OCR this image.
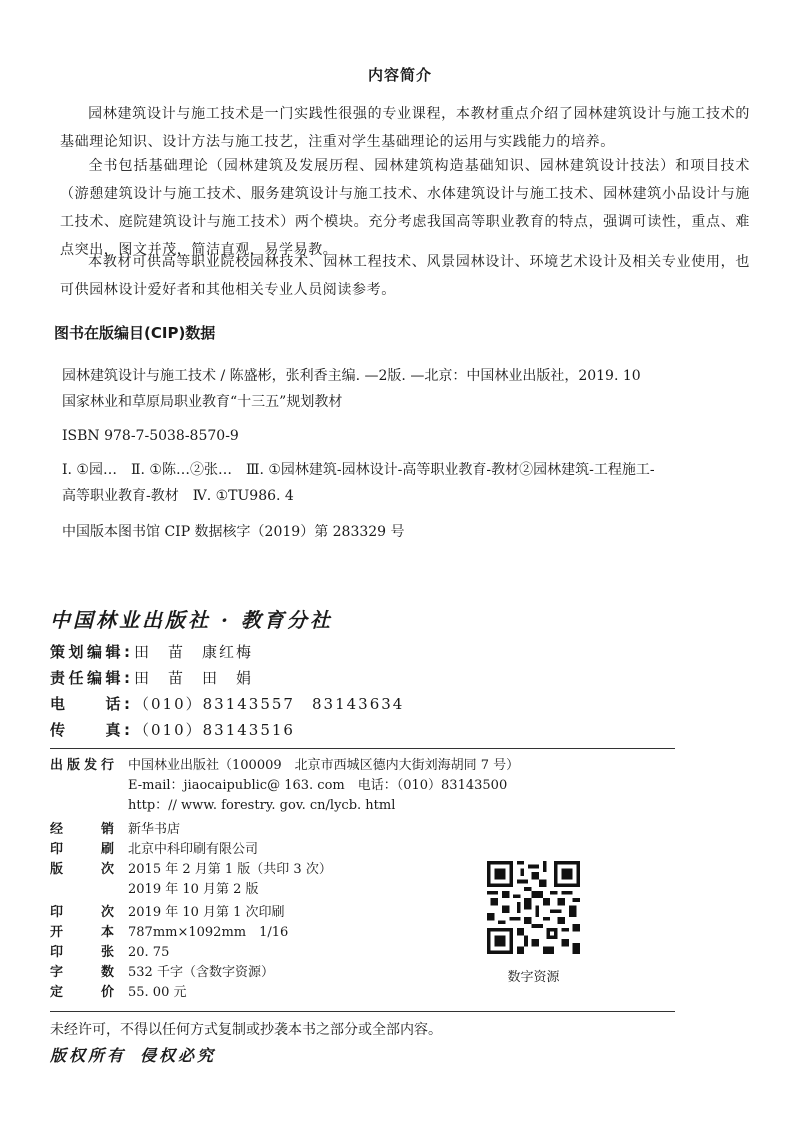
内容简介
园林建筑设计与施工技术是一门实践性很强的专业课程，本教材重点介绍了园林建筑设计与施工技术的基础理论知识、设计方法与施工技艺，注重对学生基础理论的运用与实践能力的培养。
全书包括基础理论（园林建筑及发展历程、园林建筑构造基础知识、园林建筑设计技法）和项目技术（游憩建筑设计与施工技术、服务建筑设计与施工技术、水体建筑设计与施工技术、园林建筑小品设计与施工技术、庭院建筑设计与施工技术）两个模块。充分考虑我国高等职业教育的特点，强调可读性，重点、难点突出，图文并茂，简洁直观，易学易教。
本教材可供高等职业院校园林技术、园林工程技术、风景园林设计、环境艺术设计及相关专业使用，也可供园林设计爱好者和其他相关专业人员阅读参考。
图书在版编目(CIP)数据
园林建筑设计与施工技术 / 陈盛彬，张利香主编. —2版. —北京：中国林业出版社，2019. 10
国家林业和草原局职业教育“十三五”规划教材
ISBN 978-7-5038-8570-9
Ⅰ. ①园…　Ⅱ. ①陈…②张…　Ⅲ. ①园林建筑-园林设计-高等职业教育-教材②园林建筑-工程施工-
高等职业教育-教材　Ⅳ. ①TU986. 4
中国版本图书馆 CIP 数据核字（2019）第 283329 号
中国林业出版社 · 教育分社
策划编辑: 田　苗　康红梅
责任编辑: 田　苗　田　娟
电　　话: （010）83143557　83143634
传　　真: （010）83143516
出版发行 中国林业出版社（100009　北京市西城区德内大街刘海胡同 7 号）
E-mail：jiaocaipublic@ 163. com　电话：（010）83143500
http：// www. forestry. gov. cn/lycb. html
经　销 新华书店
印　刷 北京中科印刷有限公司
版　次 2015 年 2 月第 1 版（共印 3 次）
2019 年 10 月第 2 版
印　次 2019 年 10 月第 1 次印刷
开　本 787mm×1092mm　1/16
印　张 20. 75
字　数 532 千字（含数字资源）
定　价 55. 00 元
数字资源
未经许可，不得以任何方式复制或抄袭本书之部分或全部内容。
版权所有 侵权必究
